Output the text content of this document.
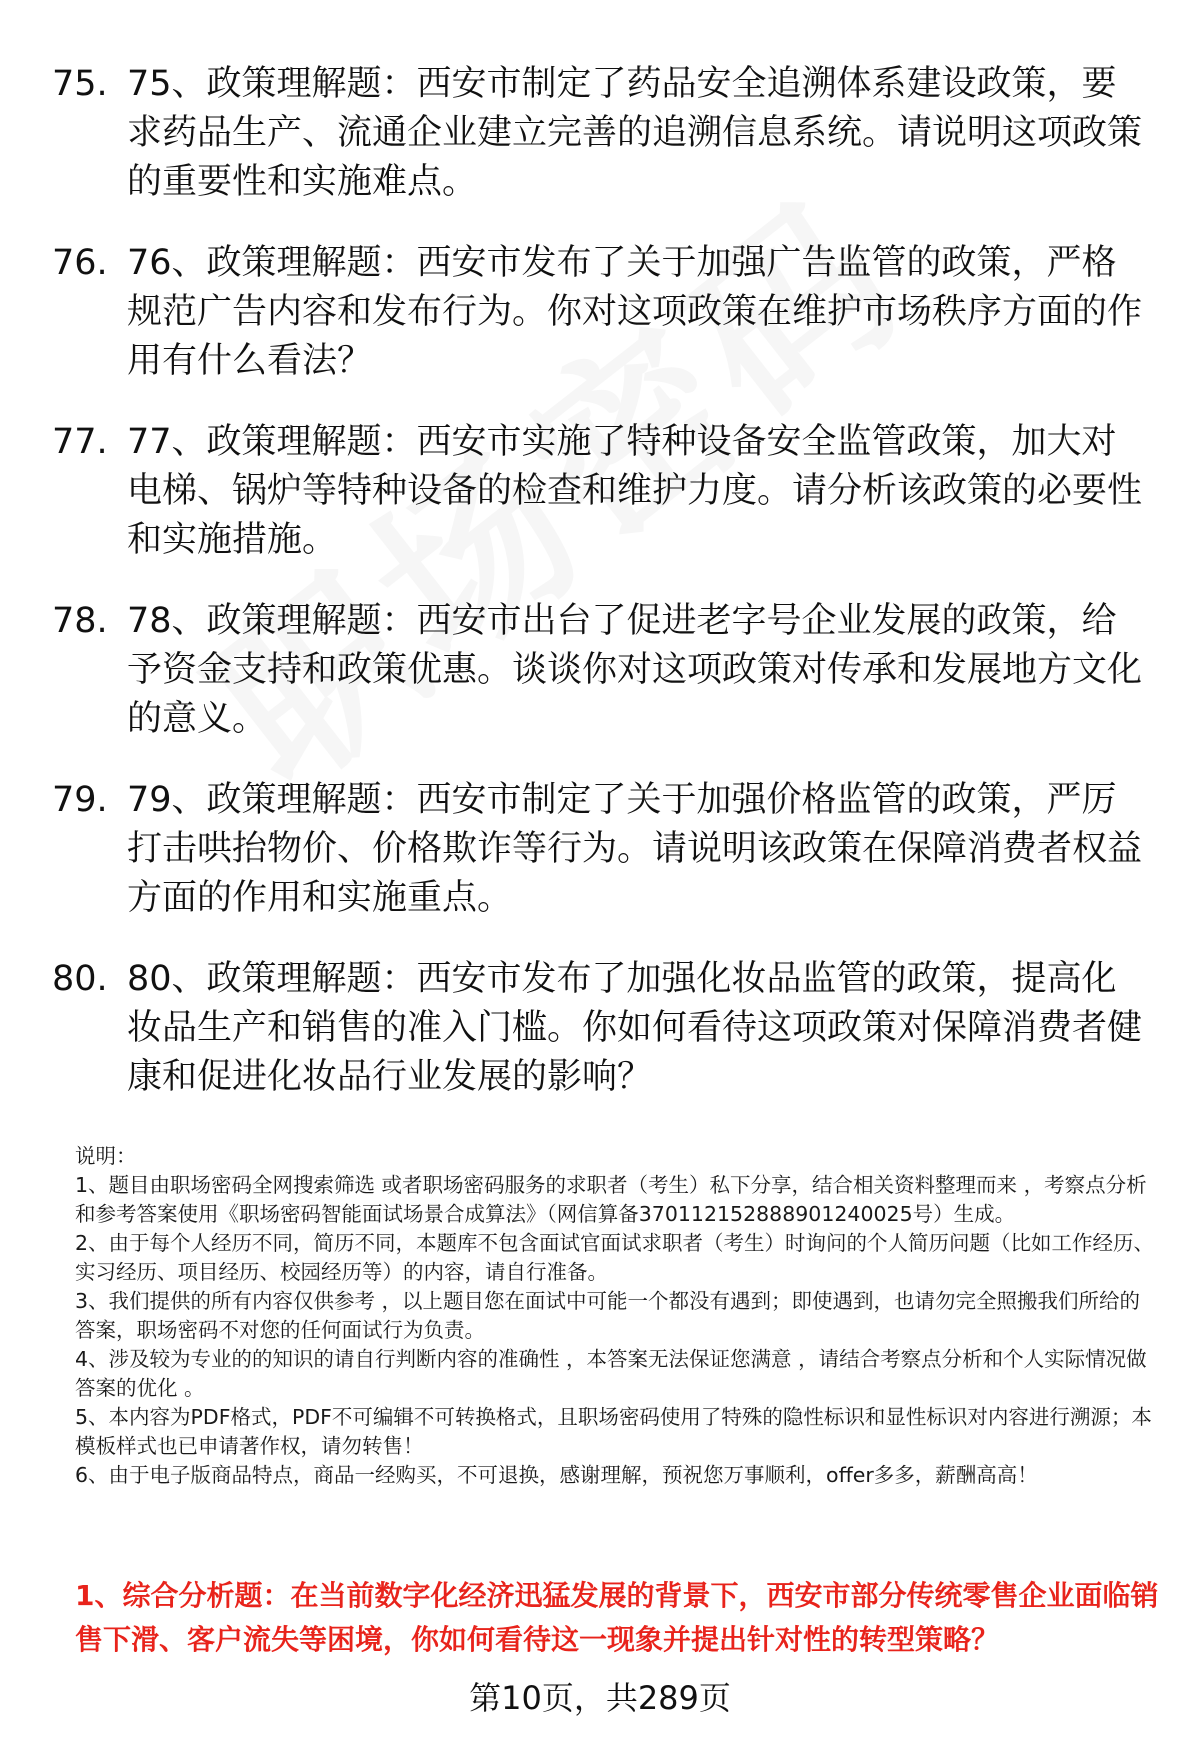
75. 75、政策理解题：西安市制定了药品安全追溯体系建设政策，要求药品生产、流通企业建立完善的追溯信息系统。请说明这项政策的重要性和实施难点。
76. 76、政策理解题：西安市发布了关于加强广告监管的政策，严格规范广告内容和发布行为。你对这项政策在维护市场秩序方面的作用有什么看法？
77. 77、政策理解题：西安市实施了特种设备安全监管政策，加大对电梯、锅炉等特种设备的检查和维护力度。请分析该政策的必要性和实施措施。
78. 78、政策理解题：西安市出台了促进老字号企业发展的政策，给予资金支持和政策优惠。谈谈你对这项政策对传承和发展地方文化的意义。
79. 79、政策理解题：西安市制定了关于加强价格监管的政策，严厉打击哄抬物价、价格欺诈等行为。请说明该政策在保障消费者权益方面的作用和实施重点。
80. 80、政策理解题：西安市发布了加强化妆品监管的政策，提高化妆品生产和销售的准入门槛。你如何看待这项政策对保障消费者健康和促进化妆品行业发展的影响？

说明：

1、题目由职场密码全网搜索筛选 或者职场密码服务的求职者（考生）私下分享，结合相关资料整理而来 ，考察点分析和参考答案使用《职场密码智能面试场景合成算法》（网信算备370112152888901240025号）生成。

2、由于每个人经历不同，简历不同，本题库不包含面试官面试求职者（考生）时询问的个人简历问题（比如工作经历、实习经历、项目经历、校园经历等）的内容，请自行准备。

3、我们提供的所有内容仅供参考 ，以上题目您在面试中可能一个都没有遇到；即使遇到，也请勿完全照搬我们所给的答案，职场密码不对您的任何面试行为负责。

4、涉及较为专业的的知识的请自行判断内容的准确性 ，本答案无法保证您满意 ，请结合考察点分析和个人实际情况做答案的优化 。

5、本内容为PDF格式，PDF不可编辑不可转换格式，且职场密码使用了特殊的隐性标识和显性标识对内容进行溯源；本模板样式也已申请著作权，请勿转售！

6、由于电子版商品特点，商品一经购买，不可退换，感谢理解，预祝您万事顺利，offer多多，薪酬高高！

1、综合分析题：在当前数字化经济迅猛发展的背景下，西安市部分传统零售企业面临销售下滑、客户流失等困境，你如何看待这一现象并提出针对性的转型策略？
第10页，共289页
